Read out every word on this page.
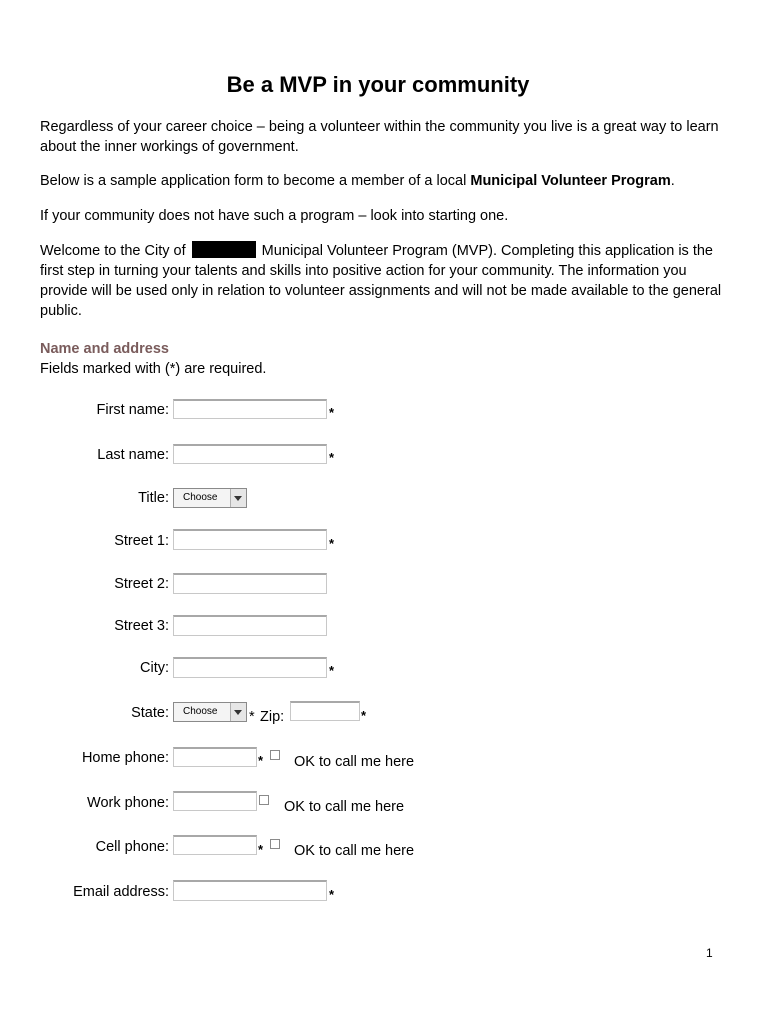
Be a MVP in your community
Regardless of your career choice – being a volunteer within the community you live is a great way to learn about the inner workings of government.
Below is a sample application form to become a member of a local Municipal Volunteer Program.
If your community does not have such a program – look into starting one.
Welcome to the City of	Municipal Volunteer Program (MVP). Completing this application is the first step in turning your talents and skills into positive action for your community. The information you provide will be used only in relation to volunteer assignments and will not be made available to the general public.
Name and address
Fields marked with (*) are required.
First name:	*
Last name:	*
Title: Choose
Street 1:	*
Street 2:
Street 3:
City:	*
State: Choose * Zip:	*
Home phone:	* OK to call me here
Work phone:	OK to call me here
Cell phone:	* OK to call me here
Email address:	*
1
